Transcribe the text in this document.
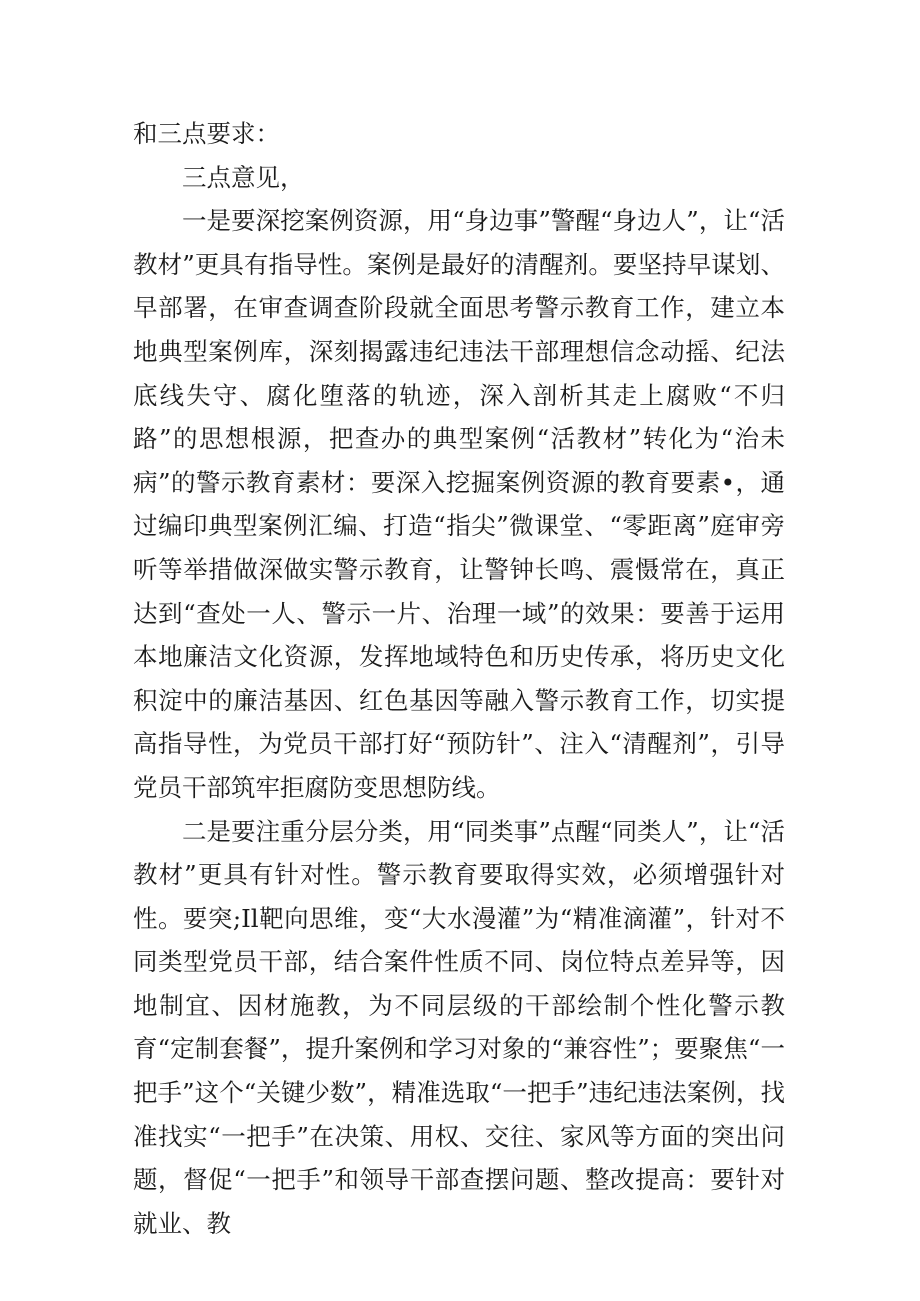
和三点要求：

三点意见，

一是要深挖案例资源，用“身边事”警醒“身边人”，让“活教材”更具有指导性。案例是最好的清醒剂。要坚持早谋划、早部署，在审查调查阶段就全面思考警示教育工作，建立本地典型案例库，深刻揭露违纪违法干部理想信念动摇、纪法底线失守、腐化堕落的轨迹，深入剖析其走上腐败“不归路”的思想根源，把查办的典型案例“活教材”转化为“治未病”的警示教育素材：要深入挖掘案例资源的教育要素•，通过编印典型案例汇编、打造“指尖”微课堂、“零距离”庭审旁听等举措做深做实警示教育，让警钟长鸣、震慑常在，真正达到“查处一人、警示一片、治理一域”的效果：要善于运用本地廉洁文化资源，发挥地域特色和历史传承，将历史文化积淀中的廉洁基因、红色基因等融入警示教育工作，切实提高指导性，为党员干部打好“预防针”、注入“清醒剂”，引导党员干部筑牢拒腐防变思想防线。

二是要注重分层分类，用“同类事”点醒“同类人”，让“活教材”更具有针对性。警示教育要取得实效，必须增强针对性。要突;Il靶向思维，变“大水漫灌”为“精准滴灌”，针对不同类型党员干部，结合案件性质不同、岗位特点差异等，因地制宜、因材施教，为不同层级的干部绘制个性化警示教育“定制套餐”，提升案例和学习对象的“兼容性”；要聚焦“一把手”这个“关键少数”，精准选取“一把手”违纪违法案例，找准找实“一把手”在决策、用权、交往、家风等方面的突出问题，督促“一把手”和领导干部查摆问题、整改提高：要针对就业、教
